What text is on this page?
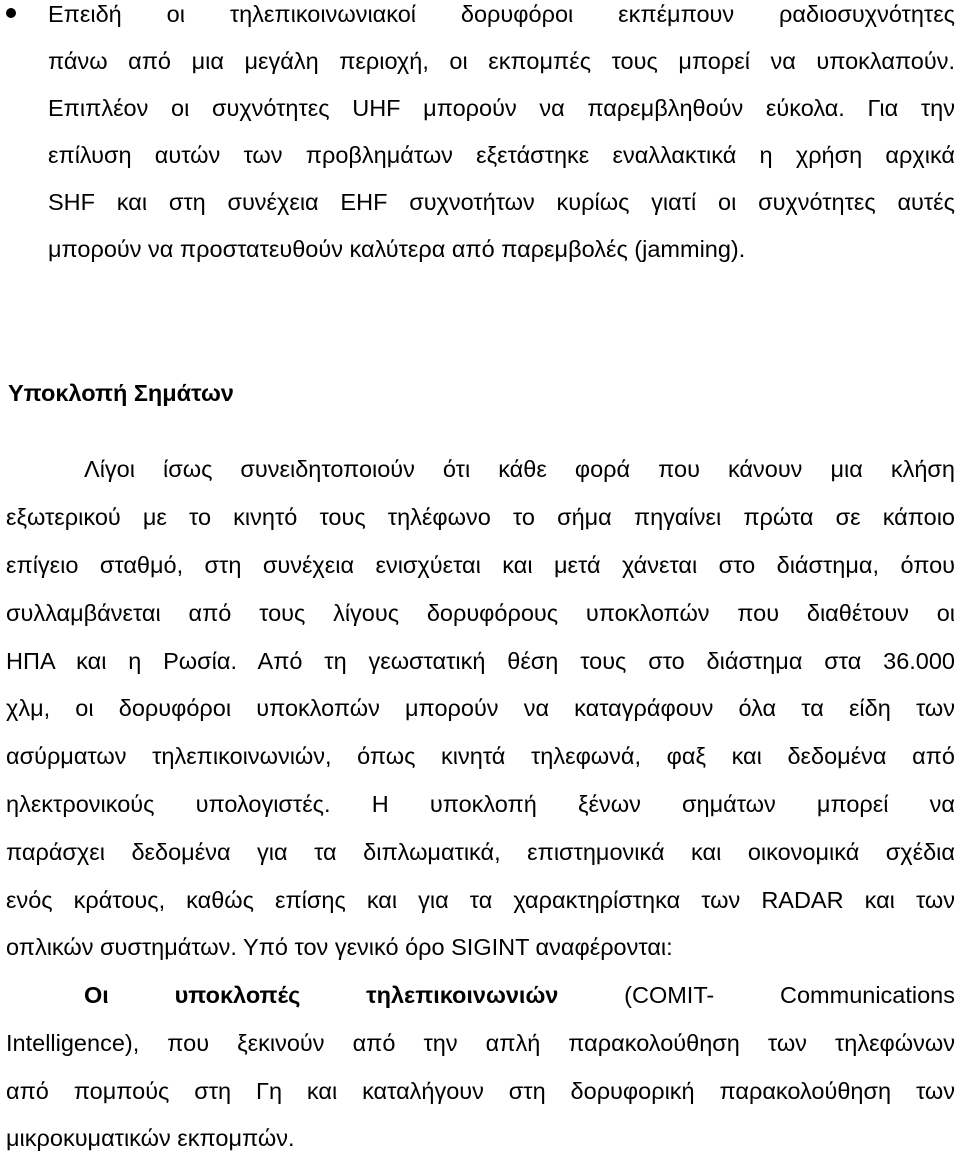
Επειδή οι τηλεπικοινωνιακοί δορυφόροι εκπέμπουν ραδιοσυχνότητες
πάνω από μια μεγάλη περιοχή, οι εκπομπές τους μπορεί να υποκλαπούν.
Επιπλέον οι συχνότητες UHF μπορούν να παρεμβληθούν εύκολα. Για την
επίλυση αυτών των προβλημάτων εξετάστηκε εναλλακτικά η χρήση αρχικά
SHF και στη συνέχεια EHF συχνοτήτων κυρίως γιατί οι συχνότητες αυτές
μπορούν να προστατευθούν καλύτερα από παρεμβολές (jamming).
Υποκλοπή Σημάτων
Λίγοι ίσως συνειδητοποιούν ότι κάθε φορά που κάνουν μια κλήση
εξωτερικού με το κινητό τους τηλέφωνο το σήμα πηγαίνει πρώτα σε κάποιο
επίγειο σταθμό, στη συνέχεια ενισχύεται και μετά χάνεται στο διάστημα, όπου
συλλαμβάνεται από τους λίγους δορυφόρους υποκλοπών που διαθέτουν οι
ΗΠΑ και η Ρωσία. Από τη γεωστατική θέση τους στο διάστημα στα 36.000
χλμ, οι δορυφόροι υποκλοπών μπορούν να καταγράφουν όλα τα είδη των
ασύρματων τηλεπικοινωνιών, όπως κινητά τηλεφωνά, φαξ και δεδομένα από
ηλεκτρονικούς υπολογιστές. Η υποκλοπή ξένων σημάτων μπορεί να
παράσχει δεδομένα για τα διπλωματικά, επιστημονικά και οικονομικά σχέδια
ενός κράτους, καθώς επίσης και για τα χαρακτηρίστηκα των RADAR και των
οπλικών συστημάτων. Υπό τον γενικό όρο SIGINT αναφέρονται:
Οι υποκλοπές τηλεπικοινωνιών	(COMIT- Communications
Intelligence), που ξεκινούν από την απλή παρακολούθηση των τηλεφώνων
από πομπούς στη Γη και καταλήγουν στη δορυφορική παρακολούθηση των
μικροκυματικών εκπομπών.
